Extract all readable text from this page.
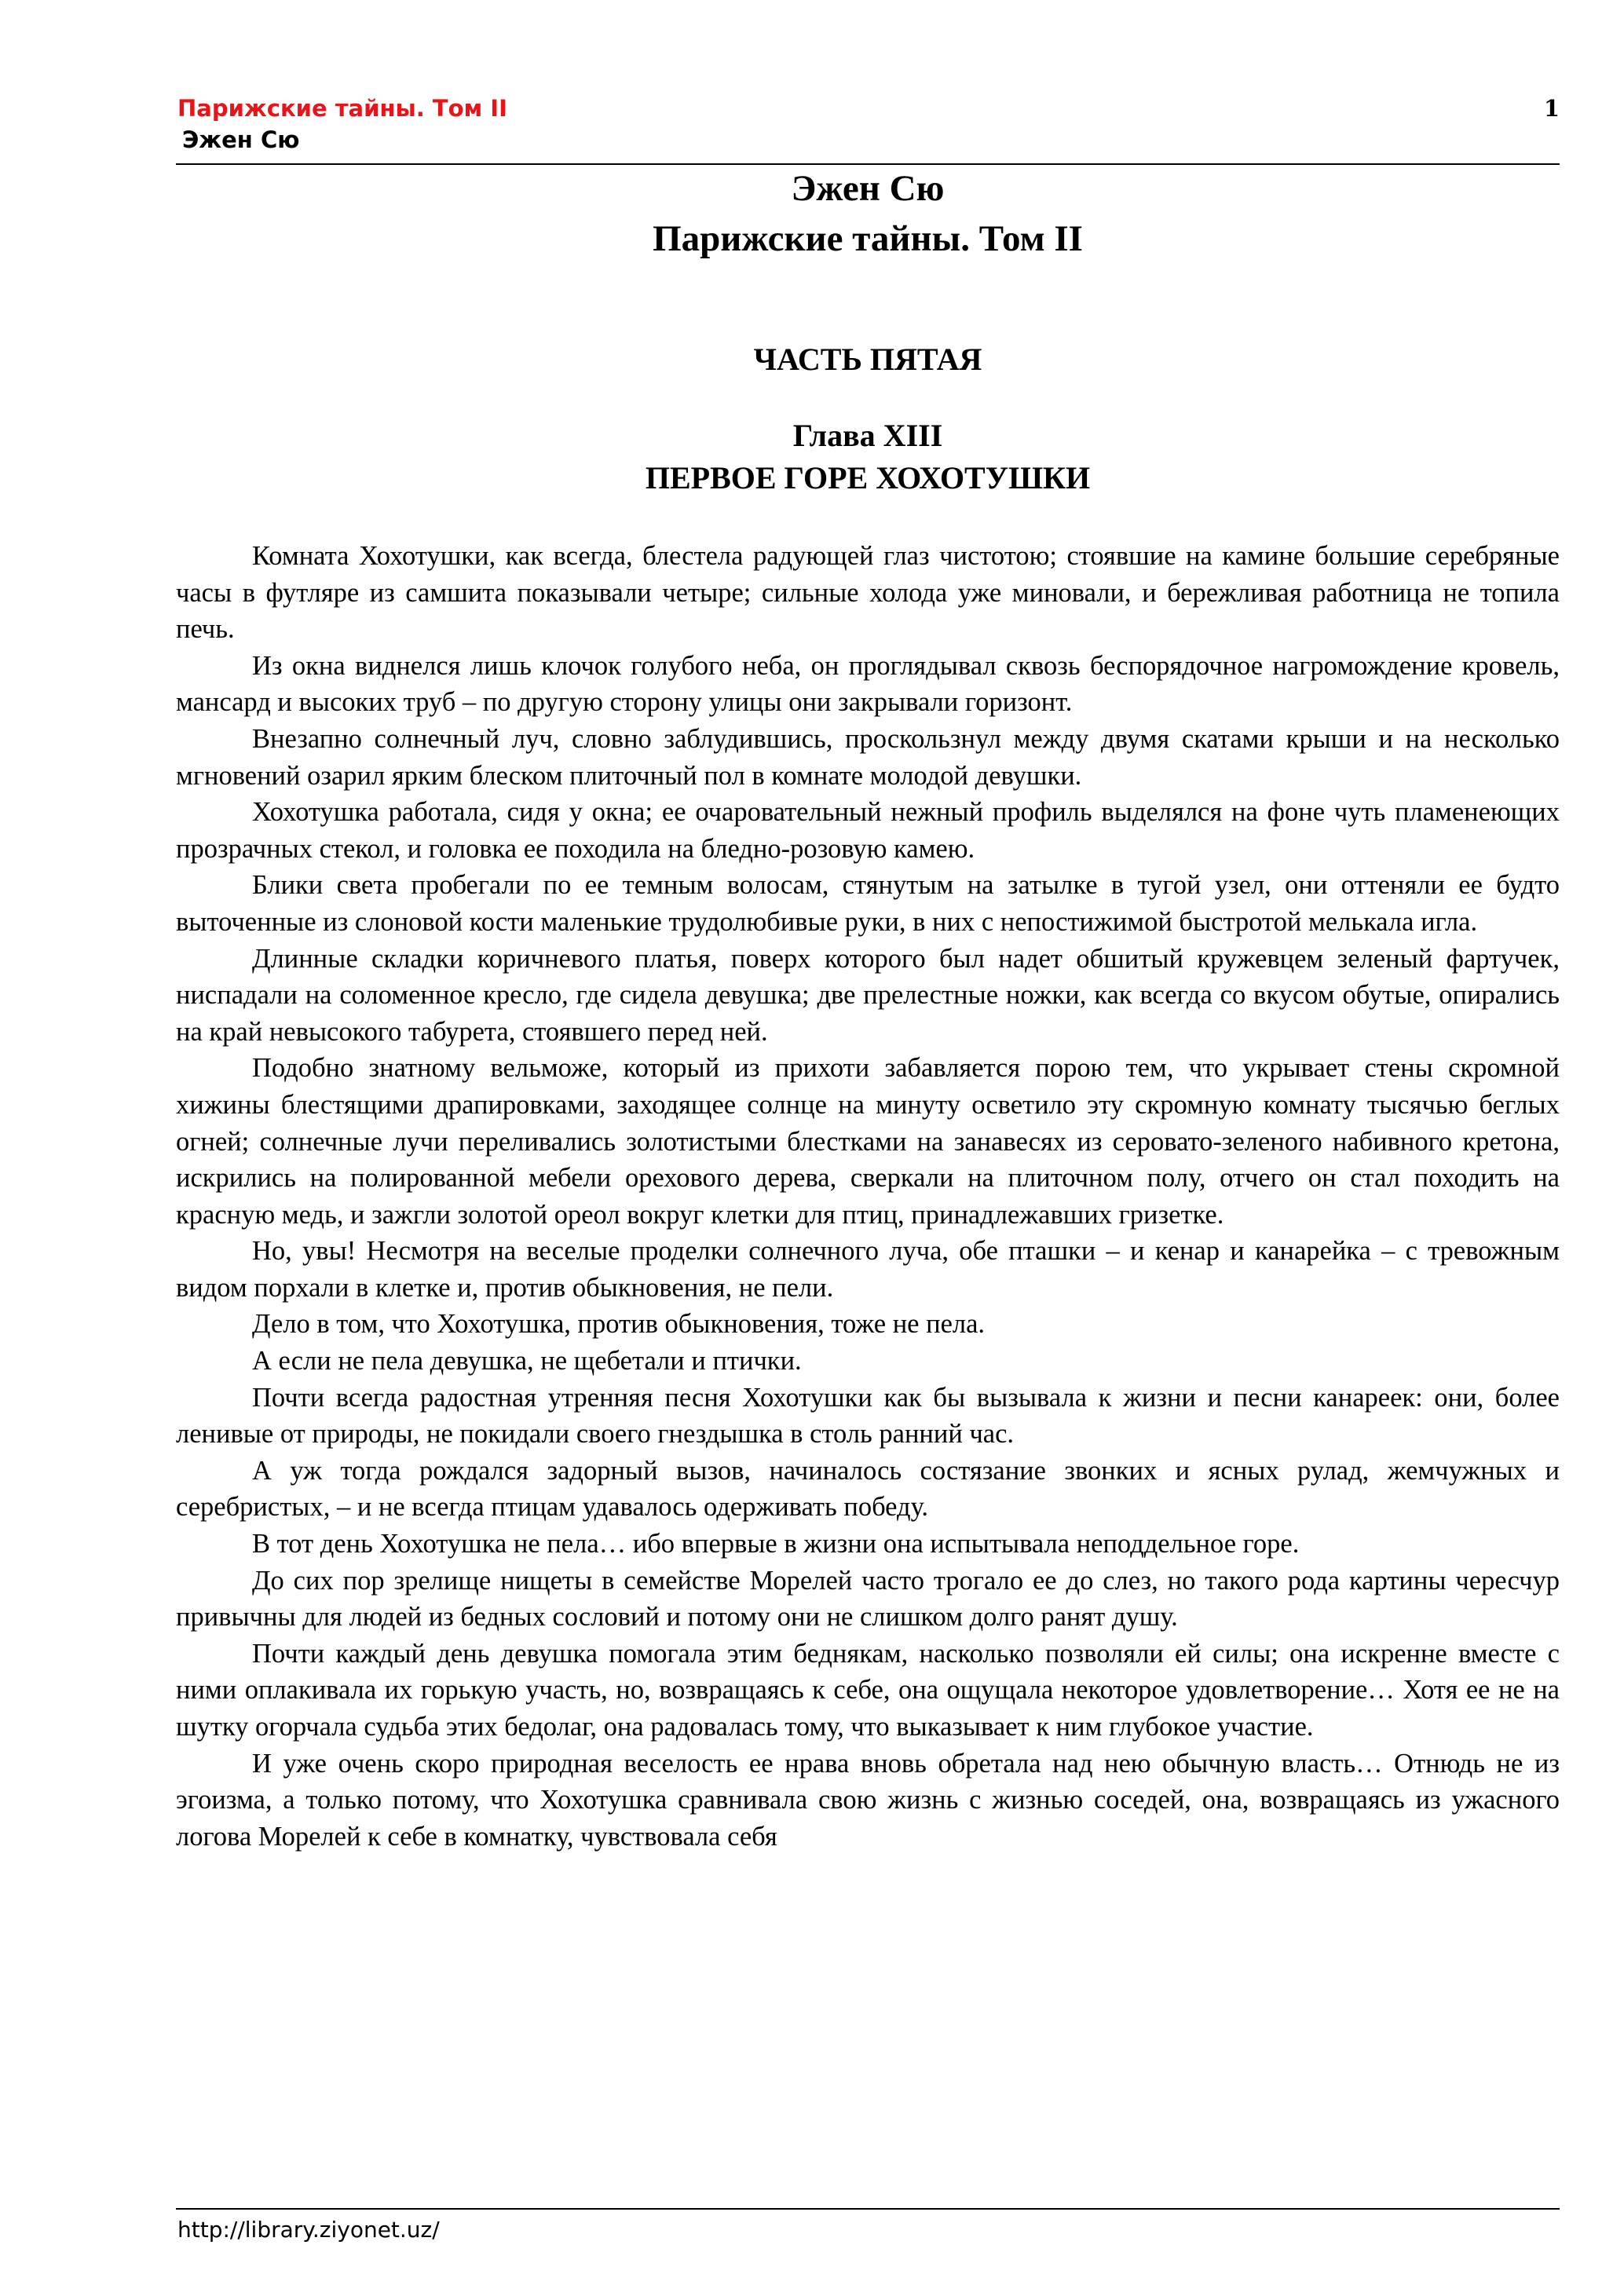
Парижские тайны. Том II
Эжен Сю
1

Эжен Сю

Парижские тайны. Том II

ЧАСТЬ ПЯТАЯ

Глава XIII

ПЕРВОЕ ГОРЕ ХОХОТУШКИ

Комната Хохотушки, как всегда, блестела радующей глаз чистотою; стоявшие на камине большие серебряные часы в футляре из самшита показывали четыре; сильные холода уже миновали, и бережливая работница не топила печь.

Из окна виднелся лишь клочок голубого неба, он проглядывал сквозь беспорядочное нагромождение кровель, мансард и высоких труб – по другую сторону улицы они закрывали горизонт.

Внезапно солнечный луч, словно заблудившись, проскользнул между двумя скатами крыши и на несколько мгновений озарил ярким блеском плиточный пол в комнате молодой девушки.

Хохотушка работала, сидя у окна; ее очаровательный нежный профиль выделялся на фоне чуть пламенеющих прозрачных стекол, и головка ее походила на бледно-розовую камею.

Блики света пробегали по ее темным волосам, стянутым на затылке в тугой узел, они оттеняли ее будто выточенные из слоновой кости маленькие трудолюбивые руки, в них с непостижимой быстротой мелькала игла.

Длинные складки коричневого платья, поверх которого был надет обшитый кружевцем зеленый фартучек, ниспадали на соломенное кресло, где сидела девушка; две прелестные ножки, как всегда со вкусом обутые, опирались на край невысокого табурета, стоявшего перед ней.

Подобно знатному вельможе, который из прихоти забавляется порою тем, что укрывает стены скромной хижины блестящими драпировками, заходящее солнце на минуту осветило эту скромную комнату тысячью беглых огней; солнечные лучи переливались золотистыми блестками на занавесях из серовато-зеленого набивного кретона, искрились на полированной мебели орехового дерева, сверкали на плиточном полу, отчего он стал походить на красную медь, и зажгли золотой ореол вокруг клетки для птиц, принадлежавших гризетке.

Но, увы! Несмотря на веселые проделки солнечного луча, обе пташки – и кенар и канарейка – с тревожным видом порхали в клетке и, против обыкновения, не пели.

Дело в том, что Хохотушка, против обыкновения, тоже не пела.

А если не пела девушка, не щебетали и птички.

Почти всегда радостная утренняя песня Хохотушки как бы вызывала к жизни и песни канареек: они, более ленивые от природы, не покидали своего гнездышка в столь ранний час.

А уж тогда рождался задорный вызов, начиналось состязание звонких и ясных рулад, жемчужных и серебристых, – и не всегда птицам удавалось одерживать победу.

В тот день Хохотушка не пела… ибо впервые в жизни она испытывала неподдельное горе.

До сих пор зрелище нищеты в семействе Морелей часто трогало ее до слез, но такого рода картины чересчур привычны для людей из бедных сословий и потому они не слишком долго ранят душу.

Почти каждый день девушка помогала этим беднякам, насколько позволяли ей силы; она искренне вместе с ними оплакивала их горькую участь, но, возвращаясь к себе, она ощущала некоторое удовлетворение… Хотя ее не на шутку огорчала судьба этих бедолаг, она радовалась тому, что выказывает к ним глубокое участие.

И уже очень скоро природная веселость ее нрава вновь обретала над нею обычную власть… Отнюдь не из эгоизма, а только потому, что Хохотушка сравнивала свою жизнь с жизнью соседей, она, возвращаясь из ужасного логова Морелей к себе в комнатку, чувствовала себя

http://library.ziyonet.uz/
